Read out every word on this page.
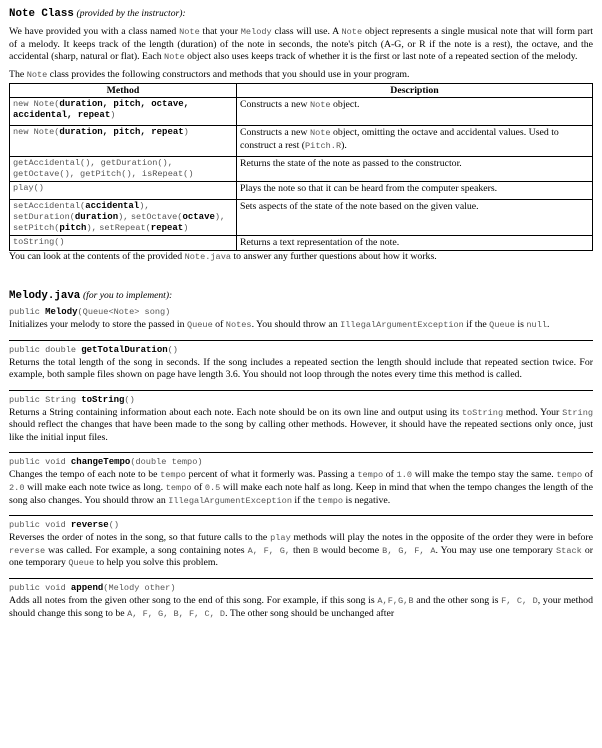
Note Class (provided by the instructor):

We have provided you with a class named Note that your Melody class will use. A Note object represents a single musical note that will form part of a melody. It keeps track of the length (duration) of the note in seconds, the note's pitch (A-G, or R if the note is a rest), the octave, and the accidental (sharp, natural or flat). Each Note object also uses keeps track of whether it is the first or last note of a repeated section of the melody.

The Note class provides the following constructors and methods that you should use in your program.

Method	Description
new Note(duration, pitch, octave, accidental, repeat)	Constructs a new Note object.
new Note(duration, pitch, repeat)	Constructs a new Note object, omitting the octave and accidental values. Used to construct a rest (Pitch.R).
getAccidental(), getDuration(), getOctave(), getPitch(), isRepeat()	Returns the state of the note as passed to the constructor.
play()	Plays the note so that it can be heard from the computer speakers.
setAccidental(accidental), setDuration(duration), setOctave(octave), setPitch(pitch), setRepeat(repeat)	Sets aspects of the state of the note based on the given value.
toString()	Returns a text representation of the note.

You can look at the contents of the provided Note.java to answer any further questions about how it works.

Melody.java (for you to implement):
public Melody(Queue<Note> song)

Initializes your melody to store the passed in Queue of Notes. You should throw an IllegalArgumentException if the Queue is null.

public double getTotalDuration()

Returns the total length of the song in seconds. If the song includes a repeated section the length should include that repeated section twice. For example, both sample files shown on page have length 3.6. You should not loop through the notes every time this method is called.

public String toString()

Returns a String containing information about each note. Each note should be on its own line and output using its toString method. Your String should reflect the changes that have been made to the song by calling other methods. However, it should have the repeated sections only once, just like the initial input files.

public void changeTempo(double tempo)

Changes the tempo of each note to be tempo percent of what it formerly was. Passing a tempo of 1.0 will make the tempo stay the same. tempo of 2.0 will make each note twice as long. tempo of 0.5 will make each note half as long. Keep in mind that when the tempo changes the length of the song also changes. You should throw an IllegalArgumentException if the tempo is negative.

public void reverse()

Reverses the order of notes in the song, so that future calls to the play methods will play the notes in the opposite of the order they were in before reverse was called. For example, a song containing notes A, F, G, then B would become B, G, F, A. You may use one temporary Stack or one temporary Queue to help you solve this problem.

public void append(Melody other)

Adds all notes from the given other song to the end of this song. For example, if this song is A,F,G,B and the other song is F, C, D, your method should change this song to be A, F, G, B, F, C, D. The other song should be unchanged after
